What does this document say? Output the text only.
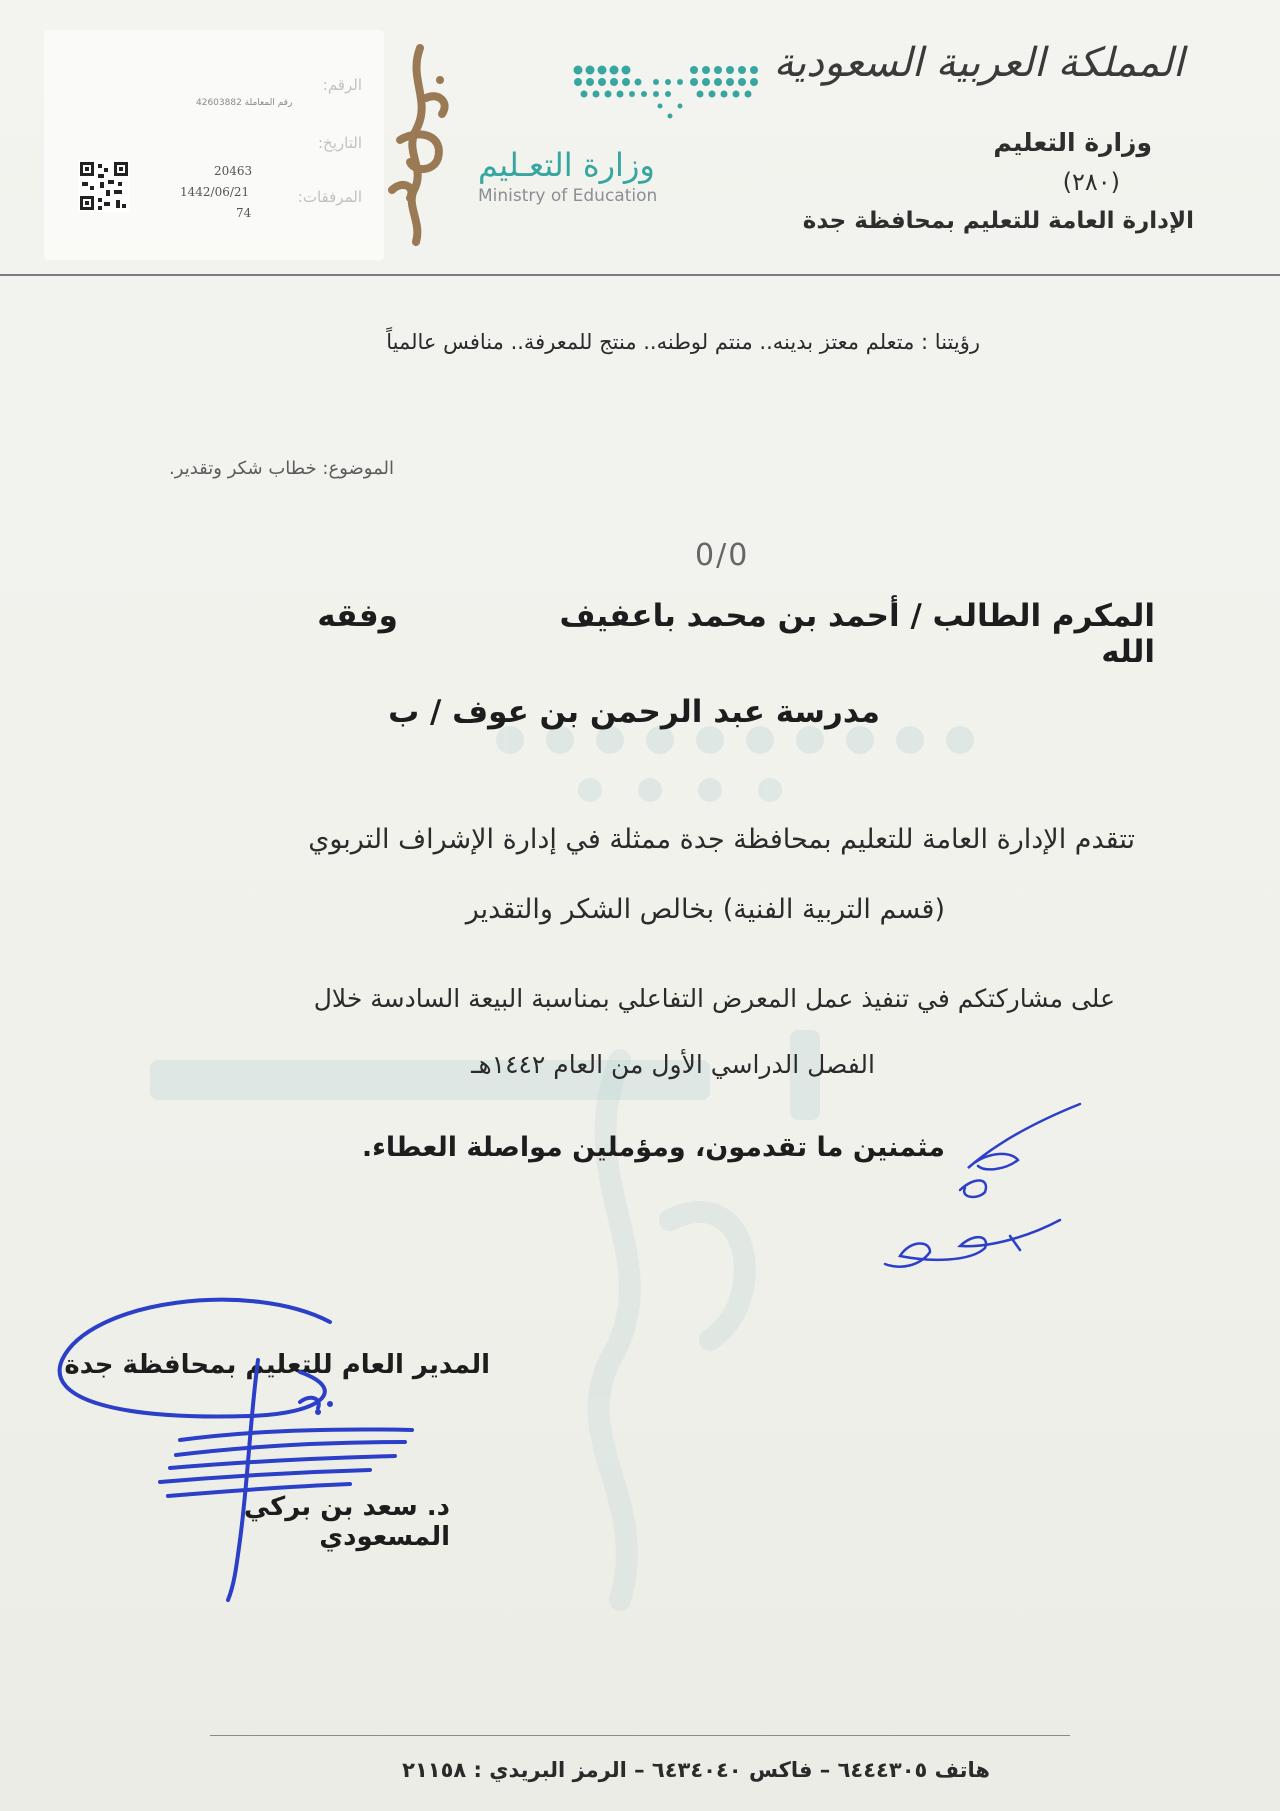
الرقم:
التاريخ:
المرفقات:
42603882 رقم المعاملة
20463
1442/06/21
74
وزارة التعـليم
Ministry of Education
المملكة العربية السعودية
وزارة التعليم
(٢٨٠)
الإدارة العامة للتعليم بمحافظة جدة
رؤيتنا : متعلم معتز بدينه.. منتم لوطنه.. منتج للمعرفة.. منافس عالمياً
الموضوع: خطاب شكر وتقدير.
0/0
المكرم الطالب / أحمد بن محمد باعفيف  وفقه الله
مدرسة عبد الرحمن بن عوف / ب
تتقدم الإدارة العامة للتعليم بمحافظة جدة ممثلة في إدارة الإشراف التربوي
(قسم التربية الفنية) بخالص الشكر والتقدير
على مشاركتكم في تنفيذ عمل المعرض التفاعلي بمناسبة البيعة السادسة خلال
الفصل الدراسي الأول من العام ١٤٤٢هـ
مثمنين ما تقدمون، ومؤملين مواصلة العطاء.
المدير العام للتعليم بمحافظة جدة
د. سعد بن بركي المسعودي
هاتف ٦٤٤٤٣٠٥ – فاكس ٦٤٣٤٠٤٠ – الرمز البريدي : ٢١١٥٨
